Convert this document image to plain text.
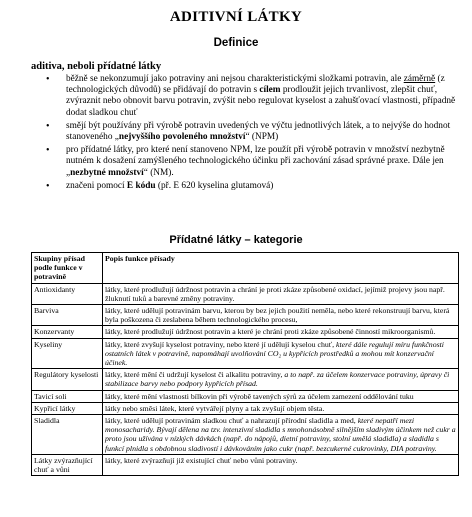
ADITIVNÍ LÁTKY
Definice
aditiva, neboli přídatné látky
• běžně se nekonzumují jako potraviny ani nejsou charakteristickými složkami potravin, ale záměrně (z technologických důvodů) se přidávají do potravin s cílem prodloužit jejich trvanlivost, zlepšit chuť, zvýraznit nebo obnovit barvu potravin, zvýšit nebo regulovat kyselost a zahušťovací vlastnosti, případně dodat sladkou chuť
• smějí být používány při výrobě potravin uvedených ve výčtu jednotlivých látek, a to nejvýše do hodnot stanoveného „nejvyššího povoleného množství“ (NPM)
• pro přídatné látky, pro které není stanoveno NPM, lze použít při výrobě potravin v množství nezbytně nutném k dosažení zamýšleného technologického účinku při zachování zásad správné praxe. Dále jen „nezbytné množství“ (NM).
• značeni pomocí E kódu (př. E 620 kyselina glutamová)
Přídatné látky – kategorie
Skupiny přísad podle funkce v potravině	Popis funkce přísady
Antioxidanty	látky, které prodlužují údržnost potravin a chrání je proti zkáze způsobené oxidací, jejímiž projevy jsou např. žluknutí tuků a barevné změny potraviny.
Barviva	látky, které udělují potravinám barvu, kterou by bez jejich použití neměla, nebo které rekonstruují barvu, která byla poškozena či zeslabena během technologického procesu,
Konzervanty	látky, které prodlužují údržnost potravin a které je chrání proti zkáze způsobené činností mikroorganismů.
Kyseliny	látky, které zvyšují kyselost potraviny, nebo které jí udělují kyselou chuť, které dále regulují míru funkčnosti ostatních látek v potravině, napomáhají uvolňování CO₂ u kypřicích prostředků a mohou mít konzervační účinek.
Regulátory kyselosti	látky, které mění či udržují kyselost či alkalitu potraviny, a to např. za účelem konzervace potraviny, úpravy či stabilizace barvy nebo podpory kypřicích přísad.
Tavicí soli	látky, které mění vlastnosti bílkovin při výrobě tavených sýrů za účelem zamezení oddělování tuku
Kypřicí látky	látky nebo směsi látek, které vytvářejí plyny a tak zvyšují objem těsta.
Sladidla	látky, které udělují potravinám sladkou chuť a nahrazují přírodní sladidla a med, které nepatří mezi monosacharidy. Bývají dělena na tzv. intenzivní sladidla s mnohonásobně silnějším sladivým účinkem než cukr a proto jsou užívána v nízkých dávkách (např. do nápojů, dietní potraviny, stolní umělá sladidla) a sladidla s funkcí plnidla s obdobnou sladivostí i dávkováním jako cukr (např. bezcukerné cukrovinky, DIA potraviny.
Látky zvýrazňující chuť a vůni	látky, které zvýrazňují již existující chuť nebo vůni potraviny.
